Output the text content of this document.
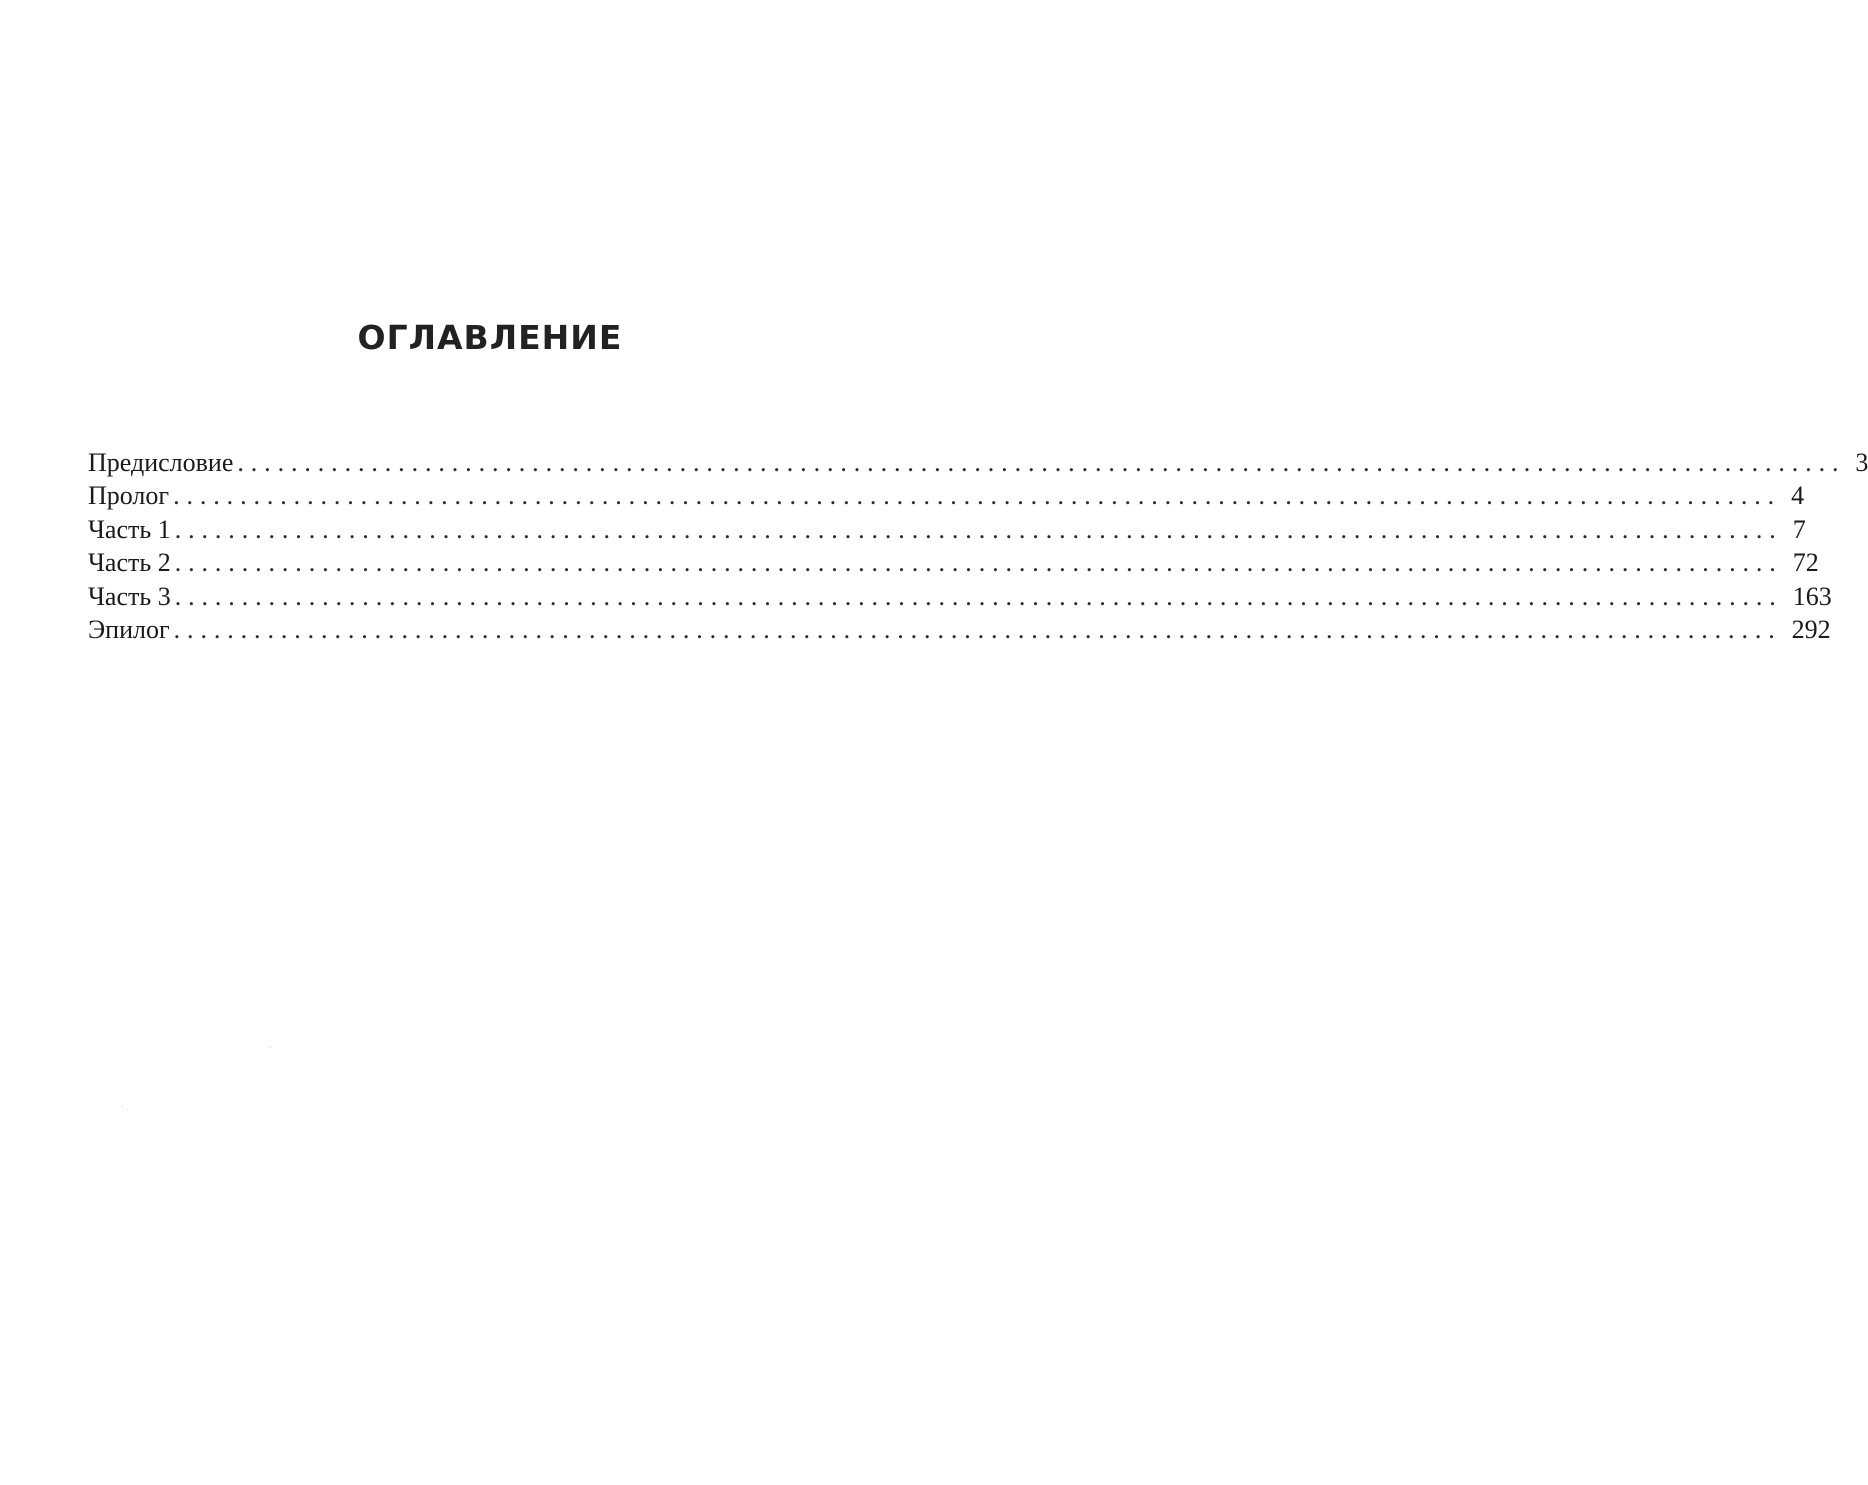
ОГЛАВЛЕНИЕ
Предисловие ........................................................................................................................ 3
Пролог ........................................................................................................................ 4
Часть 1 ........................................................................................................................ 7
Часть 2 ........................................................................................................................ 72
Часть 3 ........................................................................................................................ 163
Эпилог ........................................................................................................................ 292
